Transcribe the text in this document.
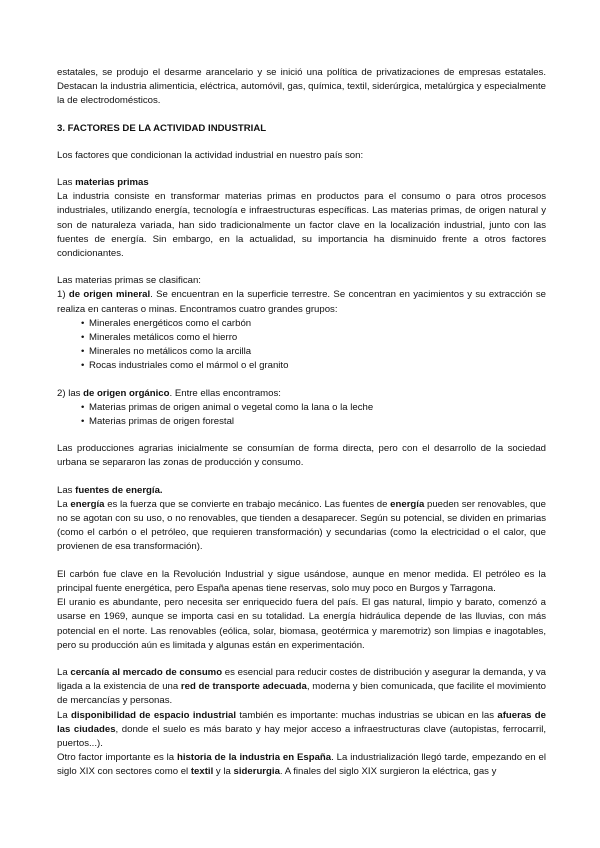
estatales, se produjo el desarme arancelario y se inició una política de privatizaciones de empresas estatales. Destacan la industria alimenticia, eléctrica, automóvil, gas, química, textil, siderúrgica, metalúrgica y especialmente la de electrodomésticos.

3. FACTORES DE LA ACTIVIDAD INDUSTRIAL

Los factores que condicionan la actividad industrial en nuestro país son:

Las materias primas

La industria consiste en transformar materias primas en productos para el consumo o para otros procesos industriales, utilizando energía, tecnología e infraestructuras específicas. Las materias primas, de origen natural y son de naturaleza variada, han sido tradicionalmente un factor clave en la localización industrial, junto con las fuentes de energía. Sin embargo, en la actualidad, su importancia ha disminuido frente a otros factores condicionantes.

Las materias primas se clasifican:

1) de origen mineral. Se encuentran en la superficie terrestre. Se concentran en yacimientos y su extracción se realiza en canteras o minas. Encontramos cuatro grandes grupos:

• Minerales energéticos como el carbón
• Minerales metálicos como el hierro
• Minerales no metálicos como la arcilla
• Rocas industriales como el mármol o el granito

2) las de origen orgánico. Entre ellas encontramos:

• Materias primas de origen animal o vegetal como la lana o la leche
• Materias primas de origen forestal

Las producciones agrarias inicialmente se consumían de forma directa, pero con el desarrollo de la sociedad urbana se separaron las zonas de producción y consumo.

Las fuentes de energía.

La energía es la fuerza que se convierte en trabajo mecánico. Las fuentes de energía pueden ser renovables, que no se agotan con su uso, o no renovables, que tienden a desaparecer. Según su potencial, se dividen en primarias (como el carbón o el petróleo, que requieren transformación) y secundarias (como la electricidad o el calor, que provienen de esa transformación).

El carbón fue clave en la Revolución Industrial y sigue usándose, aunque en menor medida. El petróleo es la principal fuente energética, pero España apenas tiene reservas, solo muy poco en Burgos y Tarragona.

El uranio es abundante, pero necesita ser enriquecido fuera del país. El gas natural, limpio y barato, comenzó a usarse en 1969, aunque se importa casi en su totalidad. La energía hidráulica depende de las lluvias, con más potencial en el norte. Las renovables (eólica, solar, biomasa, geotérmica y maremotriz) son limpias e inagotables, pero su producción aún es limitada y algunas están en experimentación.

La cercanía al mercado de consumo es esencial para reducir costes de distribución y asegurar la demanda, y va ligada a la existencia de una red de transporte adecuada, moderna y bien comunicada, que facilite el movimiento de mercancías y personas.

La disponibilidad de espacio industrial también es importante: muchas industrias se ubican en las afueras de las ciudades, donde el suelo es más barato y hay mejor acceso a infraestructuras clave (autopistas, ferrocarril, puertos...).

Otro factor importante es la historia de la industria en España. La industrialización llegó tarde, empezando en el siglo XIX con sectores como el textil y la siderurgia. A finales del siglo XIX surgieron la eléctrica, gas y
